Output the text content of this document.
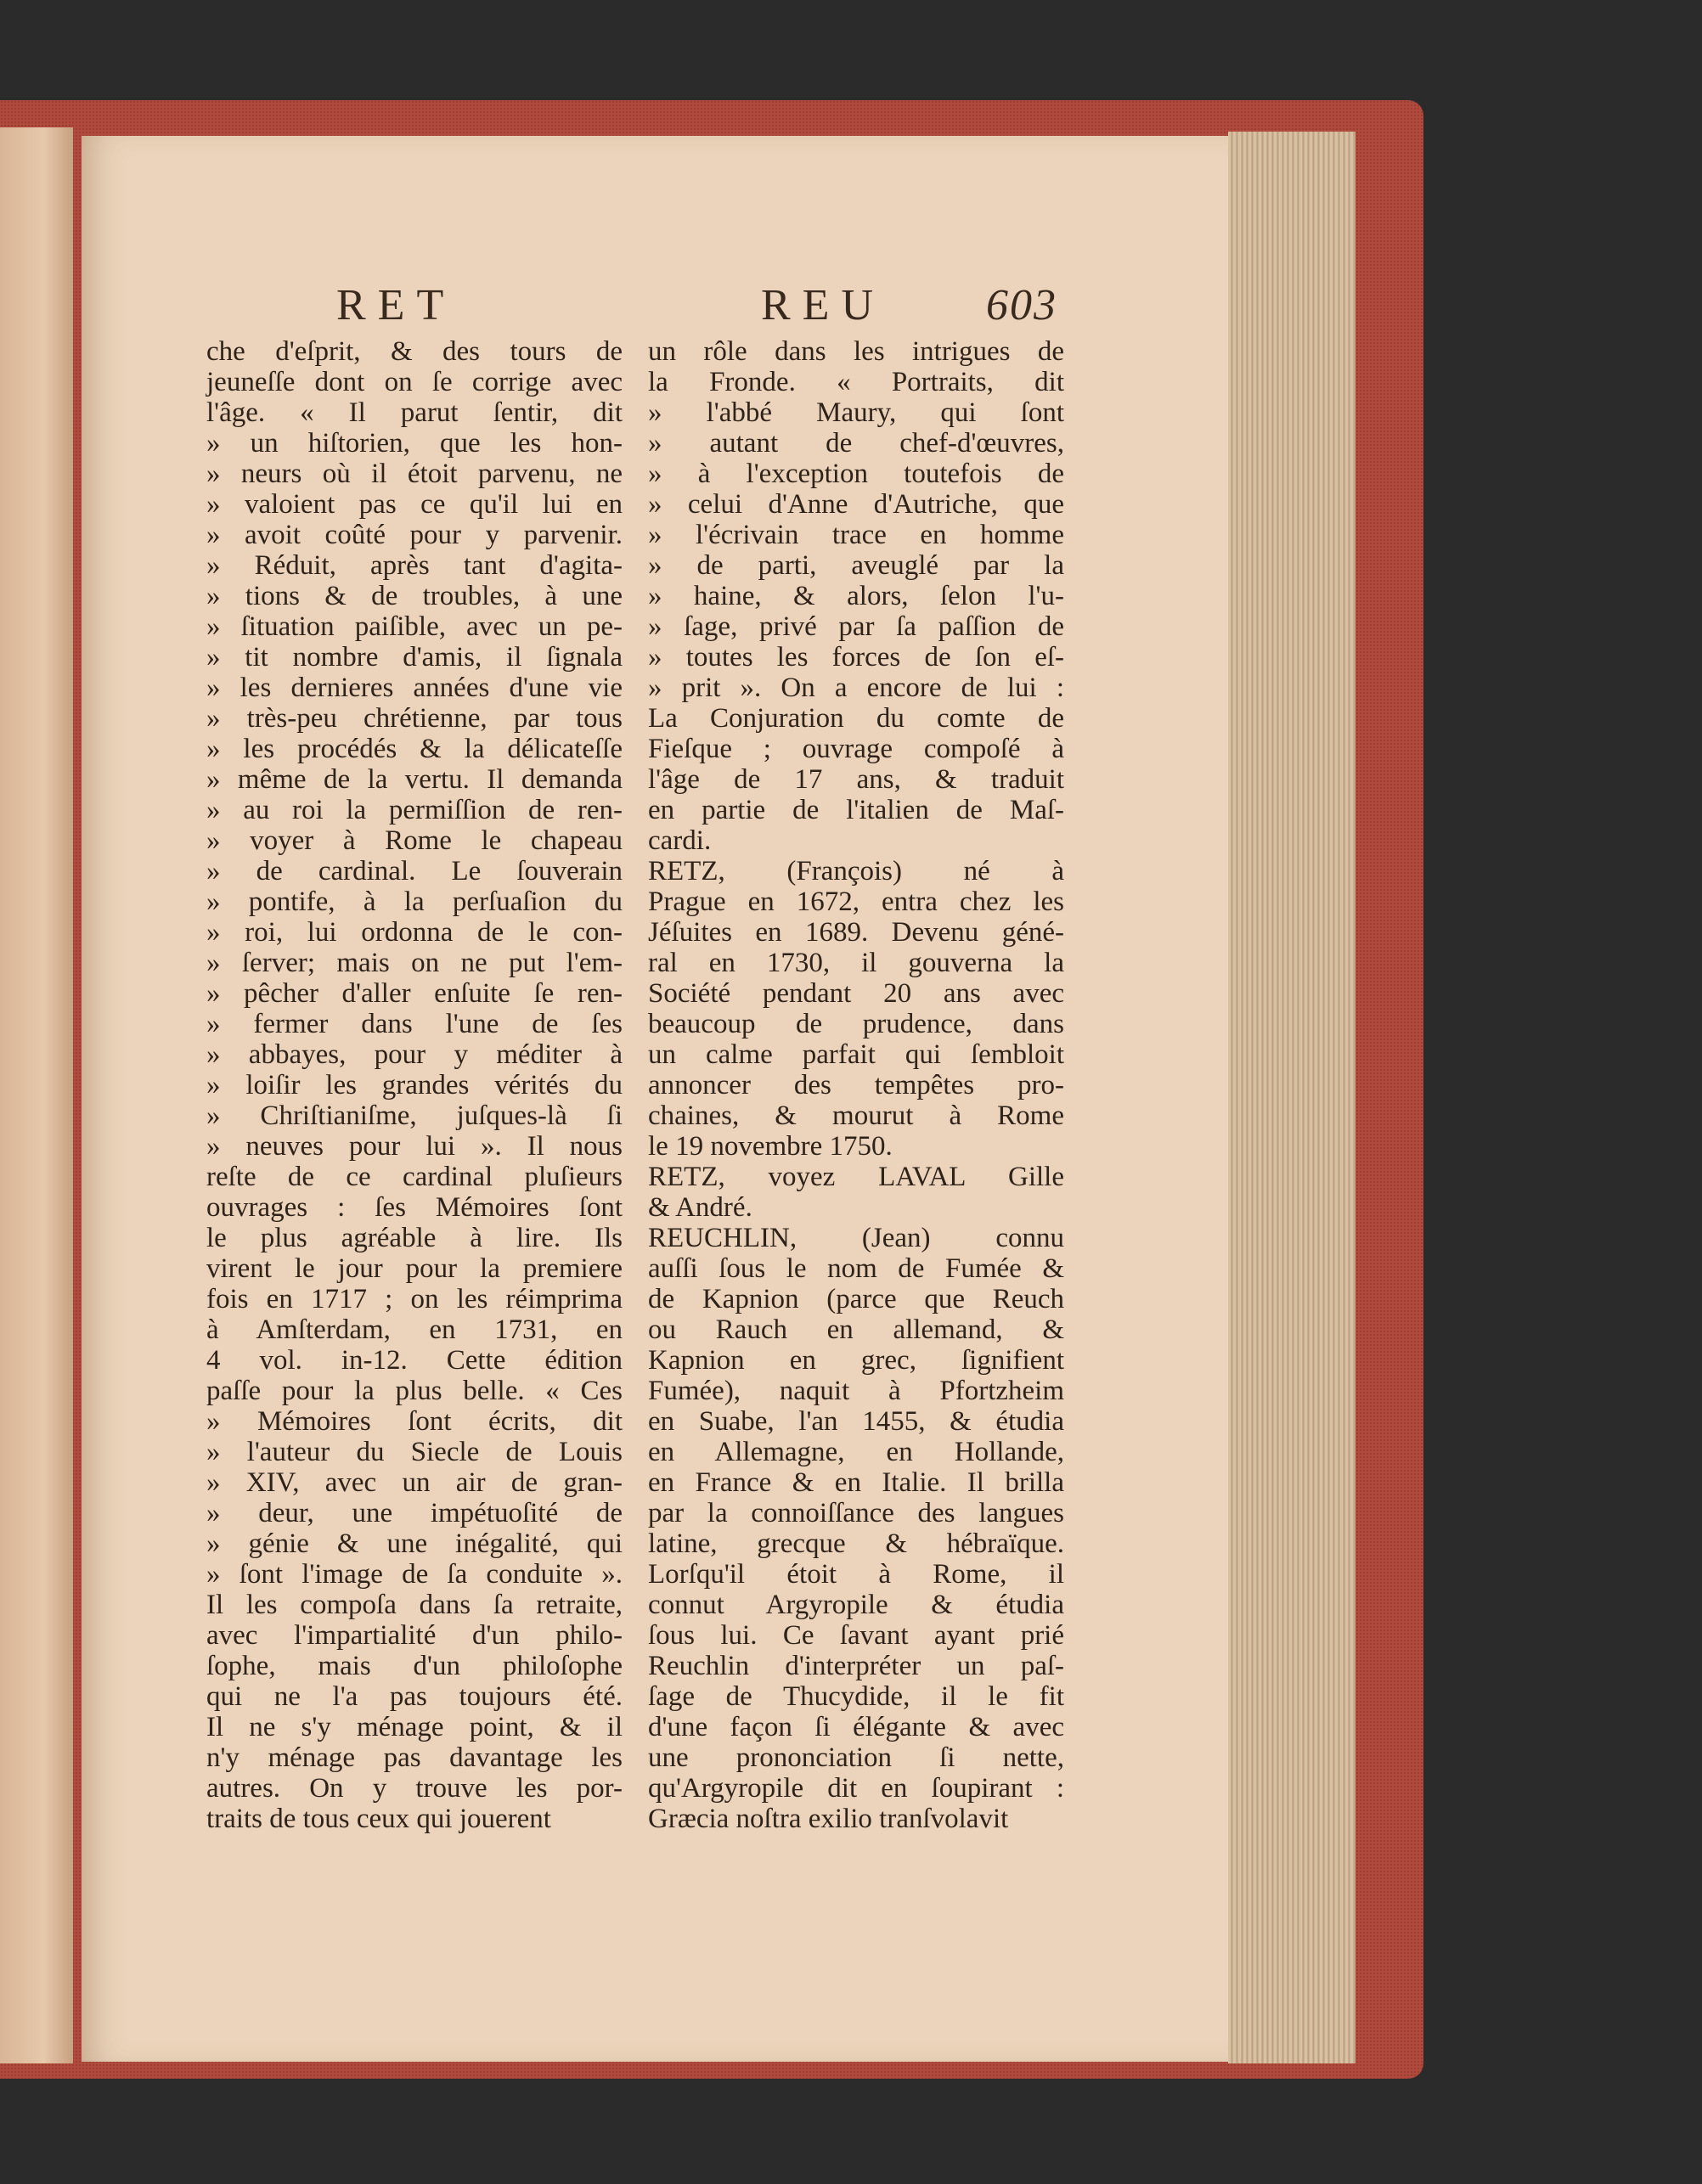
RET	REU 603

che d'eſprit, & des tours de

jeuneſſe dont on ſe corrige avec

l'âge. « Il parut ſentir, dit

» un hiſtorien, que les hon-

» neurs où il étoit parvenu, ne

» valoient pas ce qu'il lui en

» avoit coûté pour y parvenir.

» Réduit, après tant d'agita-

» tions & de troubles, à une

» ſituation paiſible, avec un pe-

» tit nombre d'amis, il ſignala

» les dernieres années d'une vie

» très-peu chrétienne, par tous

» les procédés & la délicateſſe

» même de la vertu. Il demanda

» au roi la permiſſion de ren-

» voyer à Rome le chapeau

» de cardinal. Le ſouverain

» pontife, à la perſuaſion du

» roi, lui ordonna de le con-

» ſerver; mais on ne put l'em-

» pêcher d'aller enſuite ſe ren-

» fermer dans l'une de ſes

» abbayes, pour y méditer à

» loiſir les grandes vérités du

» Chriſtianiſme, juſques-là ſi

» neuves pour lui ». Il nous

reſte de ce cardinal pluſieurs

ouvrages : ſes Mémoires ſont

le plus agréable à lire. Ils

virent le jour pour la premiere

fois en 1717 ; on les réimprima

à Amſterdam, en 1731, en

4 vol. in-12. Cette édition

paſſe pour la plus belle. « Ces

» Mémoires ſont écrits, dit

» l'auteur du Siecle de Louis

» XIV, avec un air de gran-

» deur, une impétuoſité de

» génie & une inégalité, qui

» ſont l'image de ſa conduite ».

Il les compoſa dans ſa retraite,

avec l'impartialité d'un philo-

ſophe, mais d'un philoſophe

qui ne l'a pas toujours été.

Il ne s'y ménage point, & il

n'y ménage pas davantage les

autres. On y trouve les por-

traits de tous ceux qui jouerent

un rôle dans les intrigues de

la Fronde. « Portraits, dit

» l'abbé Maury, qui ſont

» autant de chef-d'œuvres,

» à l'exception toutefois de

» celui d'Anne d'Autriche, que

» l'écrivain trace en homme

» de parti, aveuglé par la

» haine, & alors, ſelon l'u-

» ſage, privé par ſa paſſion de

» toutes les forces de ſon eſ-

» prit ». On a encore de lui :

La Conjuration du comte de

Fieſque ; ouvrage compoſé à

l'âge de 17 ans, & traduit

en partie de l'italien de Maſ-

cardi.

RETZ, (François) né à

Prague en 1672, entra chez les

Jéſuites en 1689. Devenu géné-

ral en 1730, il gouverna la

Société pendant 20 ans avec

beaucoup de prudence, dans

un calme parfait qui ſembloit

annoncer des tempêtes pro-

chaines, & mourut à Rome

le 19 novembre 1750.

RETZ, voyez LAVAL Gille

& André.

REUCHLIN, (Jean) connu

auſſi ſous le nom de Fumée &

de Kapnion (parce que Reuch

ou Rauch en allemand, &

Kapnion en grec, ſignifient

Fumée), naquit à Pfortzheim

en Suabe, l'an 1455, & étudia

en Allemagne, en Hollande,

en France & en Italie. Il brilla

par la connoiſſance des langues

latine, grecque & hébraïque.

Lorſqu'il étoit à Rome, il

connut Argyropile & étudia

ſous lui. Ce ſavant ayant prié

Reuchlin d'interpréter un paſ-

ſage de Thucydide, il le fit

d'une façon ſi élégante & avec

une prononciation ſi nette,

qu'Argyropile dit en ſoupirant :

Græcia noſtra exilio tranſvolavit
